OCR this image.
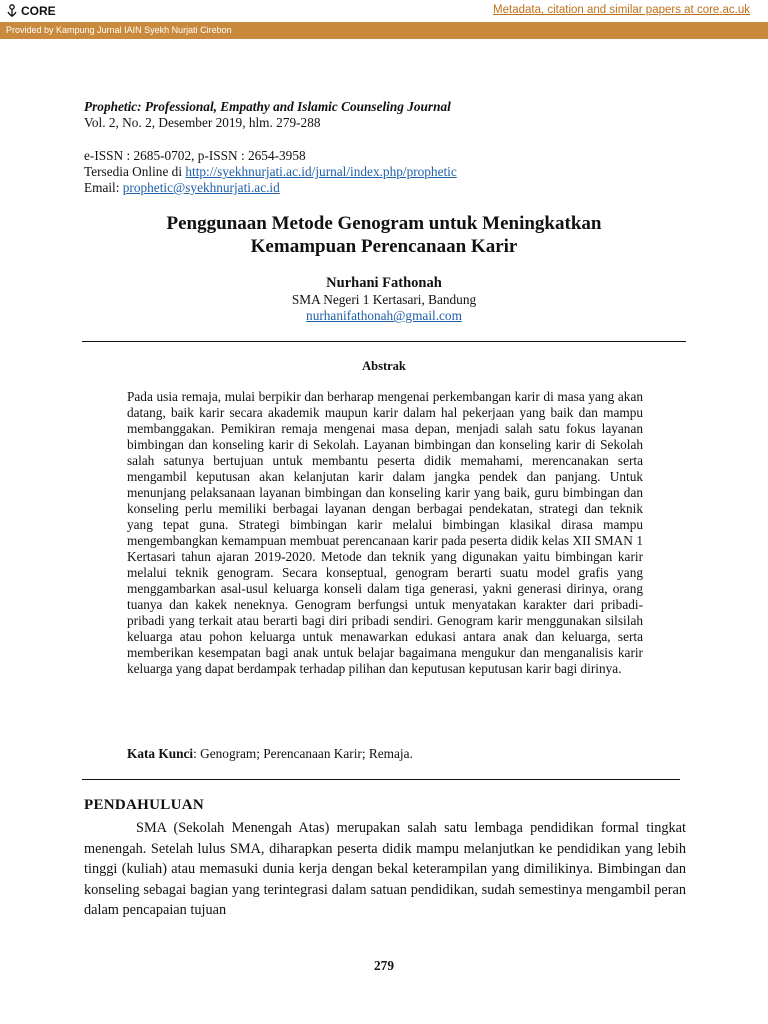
CORE	Metadata, citation and similar papers at core.ac.uk
Provided by Kampung Jurnal IAIN Syekh Nurjati Cirebon
Prophetic: Professional, Empathy and Islamic Counseling Journal
Vol. 2, No. 2, Desember 2019, hlm. 279-288
e-ISSN : 2685-0702, p-ISSN : 2654-3958
Tersedia Online di http://syekhnurjati.ac.id/jurnal/index.php/prophetic
Email: prophetic@syekhnurjati.ac.id
Penggunaan Metode Genogram untuk Meningkatkan
Kemampuan Perencanaan Karir
Nurhani Fathonah
SMA Negeri 1 Kertasari, Bandung
nurhanifathonah@gmail.com
Abstrak
Pada usia remaja, mulai berpikir dan berharap mengenai perkembangan karir di masa yang akan datang, baik karir secara akademik maupun karir dalam hal pekerjaan yang baik dan mampu membanggakan. Pemikiran remaja mengenai masa depan, menjadi salah satu fokus layanan bimbingan dan konseling karir di Sekolah. Layanan bimbingan dan konseling karir di Sekolah salah satunya bertujuan untuk membantu peserta didik memahami, merencanakan serta mengambil keputusan akan kelanjutan karir dalam jangka pendek dan panjang. Untuk menunjang pelaksanaan layanan bimbingan dan konseling karir yang baik, guru bimbingan dan konseling perlu memiliki berbagai layanan dengan berbagai pendekatan, strategi dan teknik yang tepat guna. Strategi bimbingan karir melalui bimbingan klasikal dirasa mampu mengembangkan kemampuan membuat perencanaan karir pada peserta didik kelas XII SMAN 1 Kertasari tahun ajaran 2019-2020. Metode dan teknik yang digunakan yaitu bimbingan karir melalui teknik genogram. Secara konseptual, genogram berarti suatu model grafis yang menggambarkan asal-usul keluarga konseli dalam tiga generasi, yakni generasi dirinya, orang tuanya dan kakek neneknya. Genogram berfungsi untuk menyatakan karakter dari pribadi-pribadi yang terkait atau berarti bagi diri pribadi sendiri. Genogram karir menggunakan silsilah keluarga atau pohon keluarga untuk menawarkan edukasi antara anak dan keluarga, serta memberikan kesempatan bagi anak untuk belajar bagaimana mengukur dan menganalisis karir keluarga yang dapat berdampak terhadap pilihan dan keputusan keputusan karir bagi dirinya.
Kata Kunci: Genogram; Perencanaan Karir; Remaja.
PENDAHULUAN
SMA (Sekolah Menengah Atas) merupakan salah satu lembaga pendidikan formal tingkat menengah. Setelah lulus SMA, diharapkan peserta didik mampu melanjutkan ke pendidikan yang lebih tinggi (kuliah) atau memasuki dunia kerja dengan bekal keterampilan yang dimilikinya. Bimbingan dan konseling sebagai bagian yang terintegrasi dalam satuan pendidikan, sudah semestinya mengambil peran dalam pencapaian tujuan
279
